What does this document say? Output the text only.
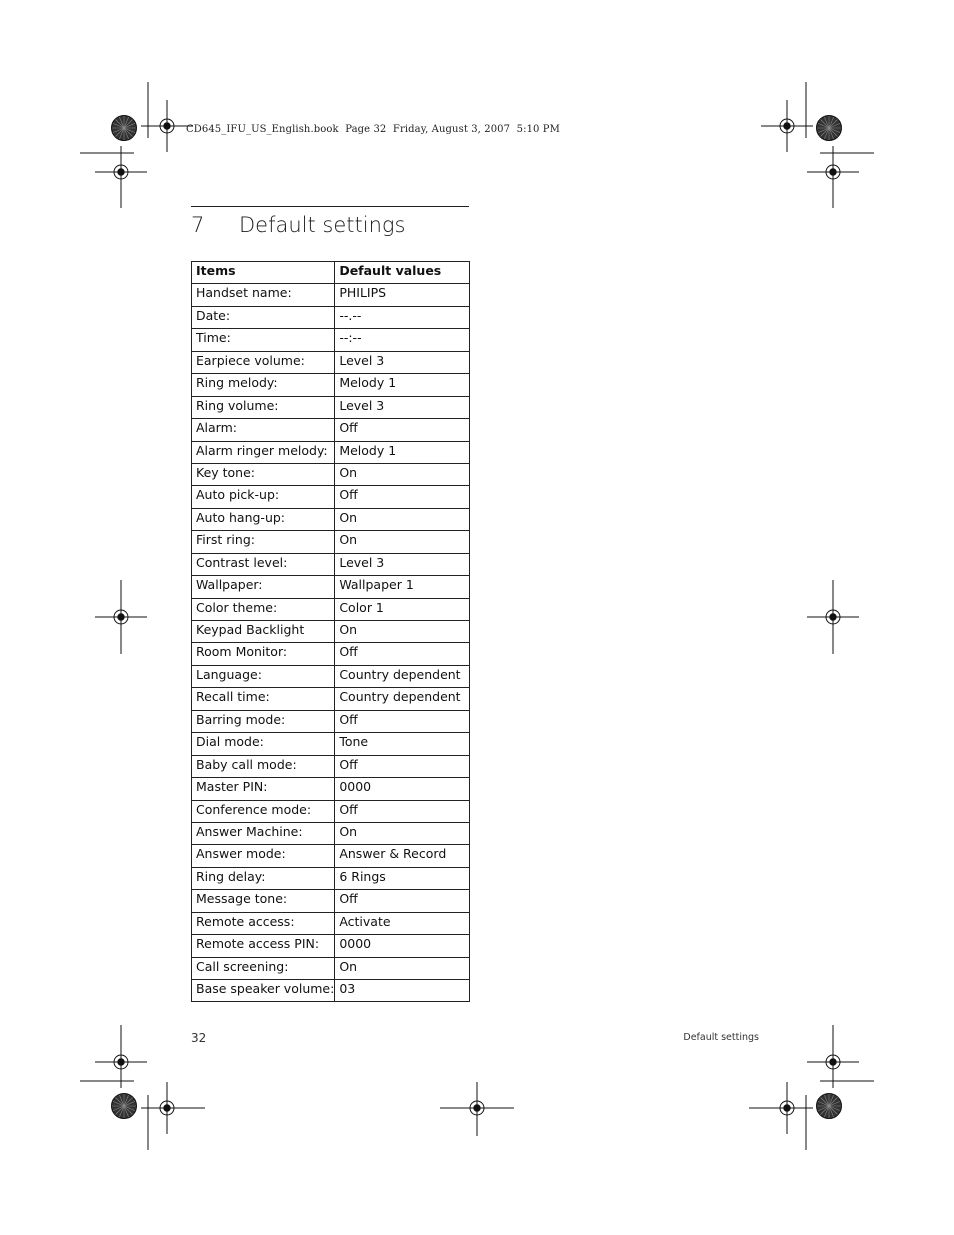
CD645_IFU_US_English.book  Page 32  Friday, August 3, 2007  5:10 PM
7 Default settings
Items	Default values
Handset name:	PHILIPS
Date:	--.--
Time:	--:--
Earpiece volume:	Level 3
Ring melody:	Melody 1
Ring volume:	Level 3
Alarm:	Off
Alarm ringer melody:	Melody 1
Key tone:	On
Auto pick-up:	Off
Auto hang-up:	On
First ring:	On
Contrast level:	Level 3
Wallpaper:	Wallpaper 1
Color theme:	Color 1
Keypad Backlight	On
Room Monitor:	Off
Language:	Country dependent
Recall time:	Country dependent
Barring mode:	Off
Dial mode:	Tone
Baby call mode:	Off
Master PIN:	0000
Conference mode:	Off
Answer Machine:	On
Answer mode:	Answer & Record
Ring delay:	6 Rings
Message tone:	Off
Remote access:	Activate
Remote access PIN:	0000
Call screening:	On
Base speaker volume:	03
32	Default settings
